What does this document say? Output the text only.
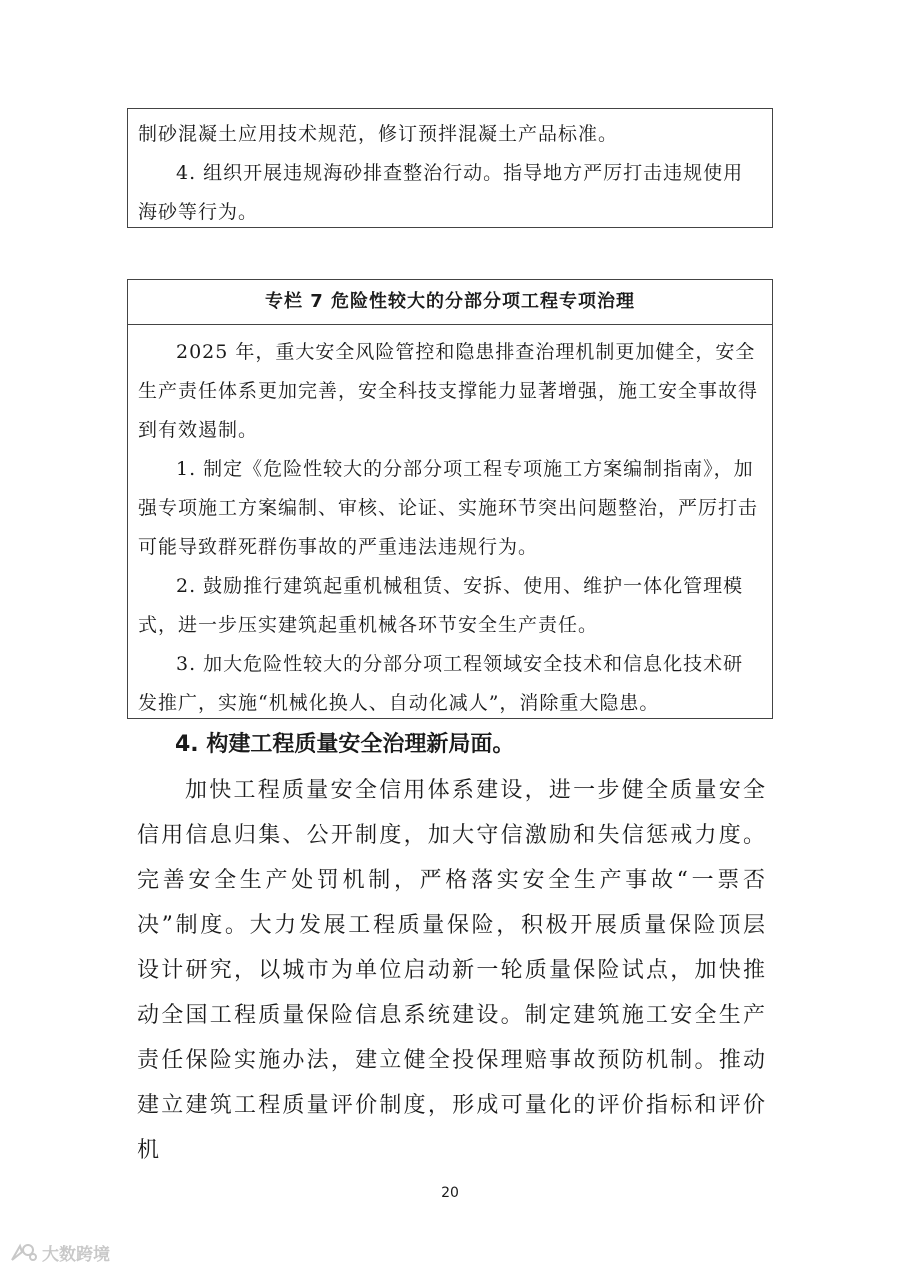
制砂混凝土应用技术规范，修订预拌混凝土产品标准。

4. 组织开展违规海砂排查整治行动。指导地方严厉打击违规使用海砂等行为。

专栏 7 危险性较大的分部分项工程专项治理

2025 年，重大安全风险管控和隐患排查治理机制更加健全，安全生产责任体系更加完善，安全科技支撑能力显著增强，施工安全事故得到有效遏制。

1. 制定《危险性较大的分部分项工程专项施工方案编制指南》，加强专项施工方案编制、审核、论证、实施环节突出问题整治，严厉打击可能导致群死群伤事故的严重违法违规行为。

2. 鼓励推行建筑起重机械租赁、安拆、使用、维护一体化管理模式，进一步压实建筑起重机械各环节安全生产责任。

3. 加大危险性较大的分部分项工程领域安全技术和信息化技术研发推广，实施“机械化换人、自动化减人”，消除重大隐患。

4. 构建工程质量安全治理新局面。

加快工程质量安全信用体系建设，进一步健全质量安全信用信息归集、公开制度，加大守信激励和失信惩戒力度。完善安全生产处罚机制，严格落实安全生产事故“一票否决”制度。大力发展工程质量保险，积极开展质量保险顶层设计研究，以城市为单位启动新一轮质量保险试点，加快推动全国工程质量保险信息系统建设。制定建筑施工安全生产责任保险实施办法，建立健全投保理赔事故预防机制。推动建立建筑工程质量评价制度，形成可量化的评价指标和评价机

20
大数跨境
